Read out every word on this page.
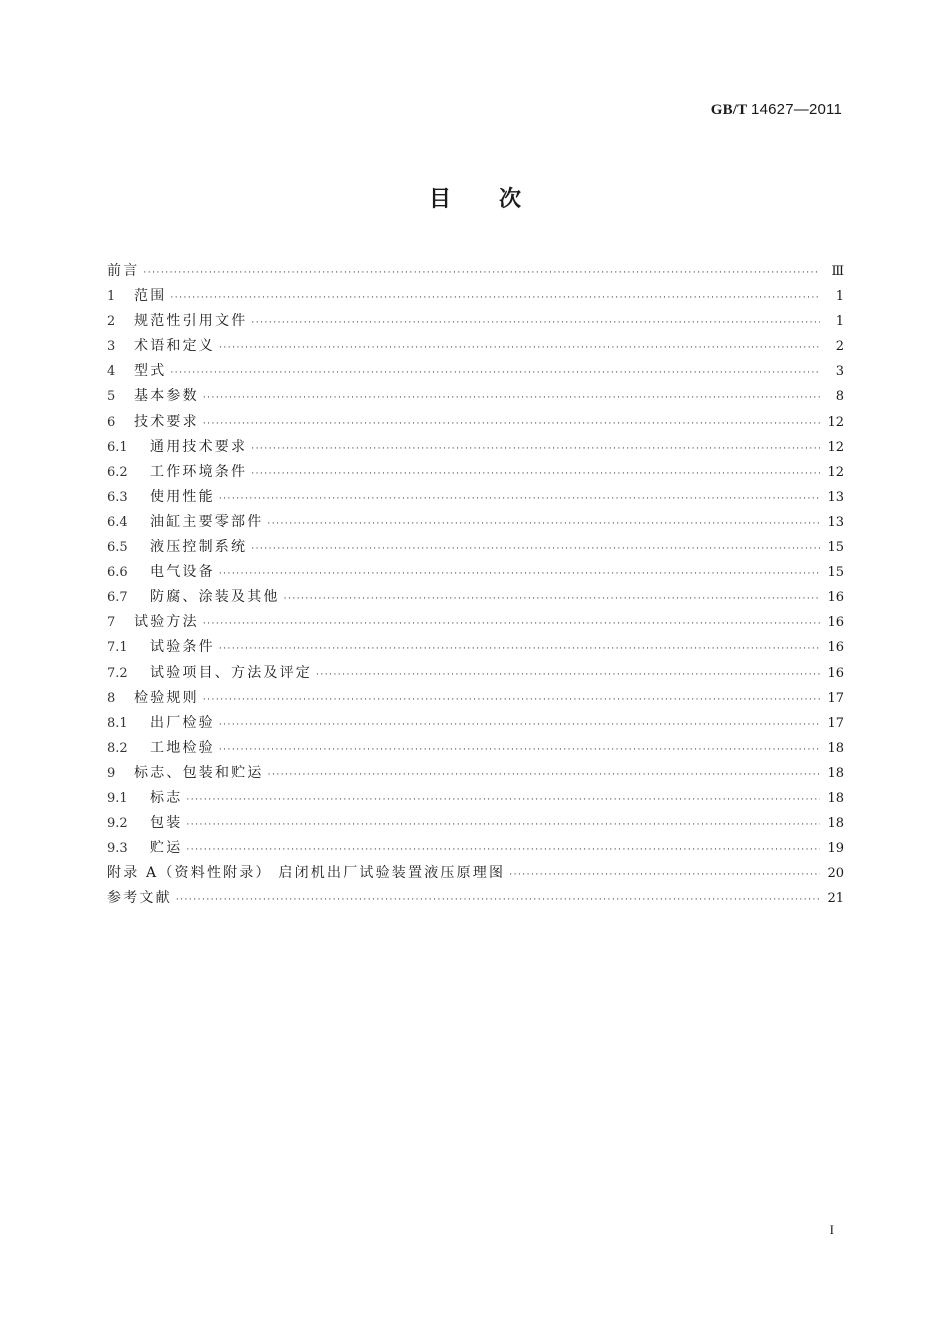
GB/T 14627—2011
目次
前言 ·····	Ⅲ
1	范围 ·····	1
2	规范性引用文件 ·····	1
3	术语和定义 ·····	2
4	型式 ·····	3
5	基本参数 ·····	8
6	技术要求 ·····	12
6.1	通用技术要求 ·····	12
6.2	工作环境条件 ·····	12
6.3	使用性能 ·····	13
6.4	油缸主要零部件 ·····	13
6.5	液压控制系统 ·····	15
6.6	电气设备 ·····	15
6.7	防腐、涂装及其他 ·····	16
7	试验方法 ·····	16
7.1	试验条件 ·····	16
7.2	试验项目、方法及评定 ·····	16
8	检验规则 ·····	17
8.1	出厂检验 ·····	17
8.2	工地检验 ·····	18
9	标志、包装和贮运 ·····	18
9.1	标志 ·····	18
9.2	包装 ·····	18
9.3	贮运 ·····	19
附录 A（资料性附录） 启闭机出厂试验装置液压原理图 ·····	20
参考文献 ·····	21
I
